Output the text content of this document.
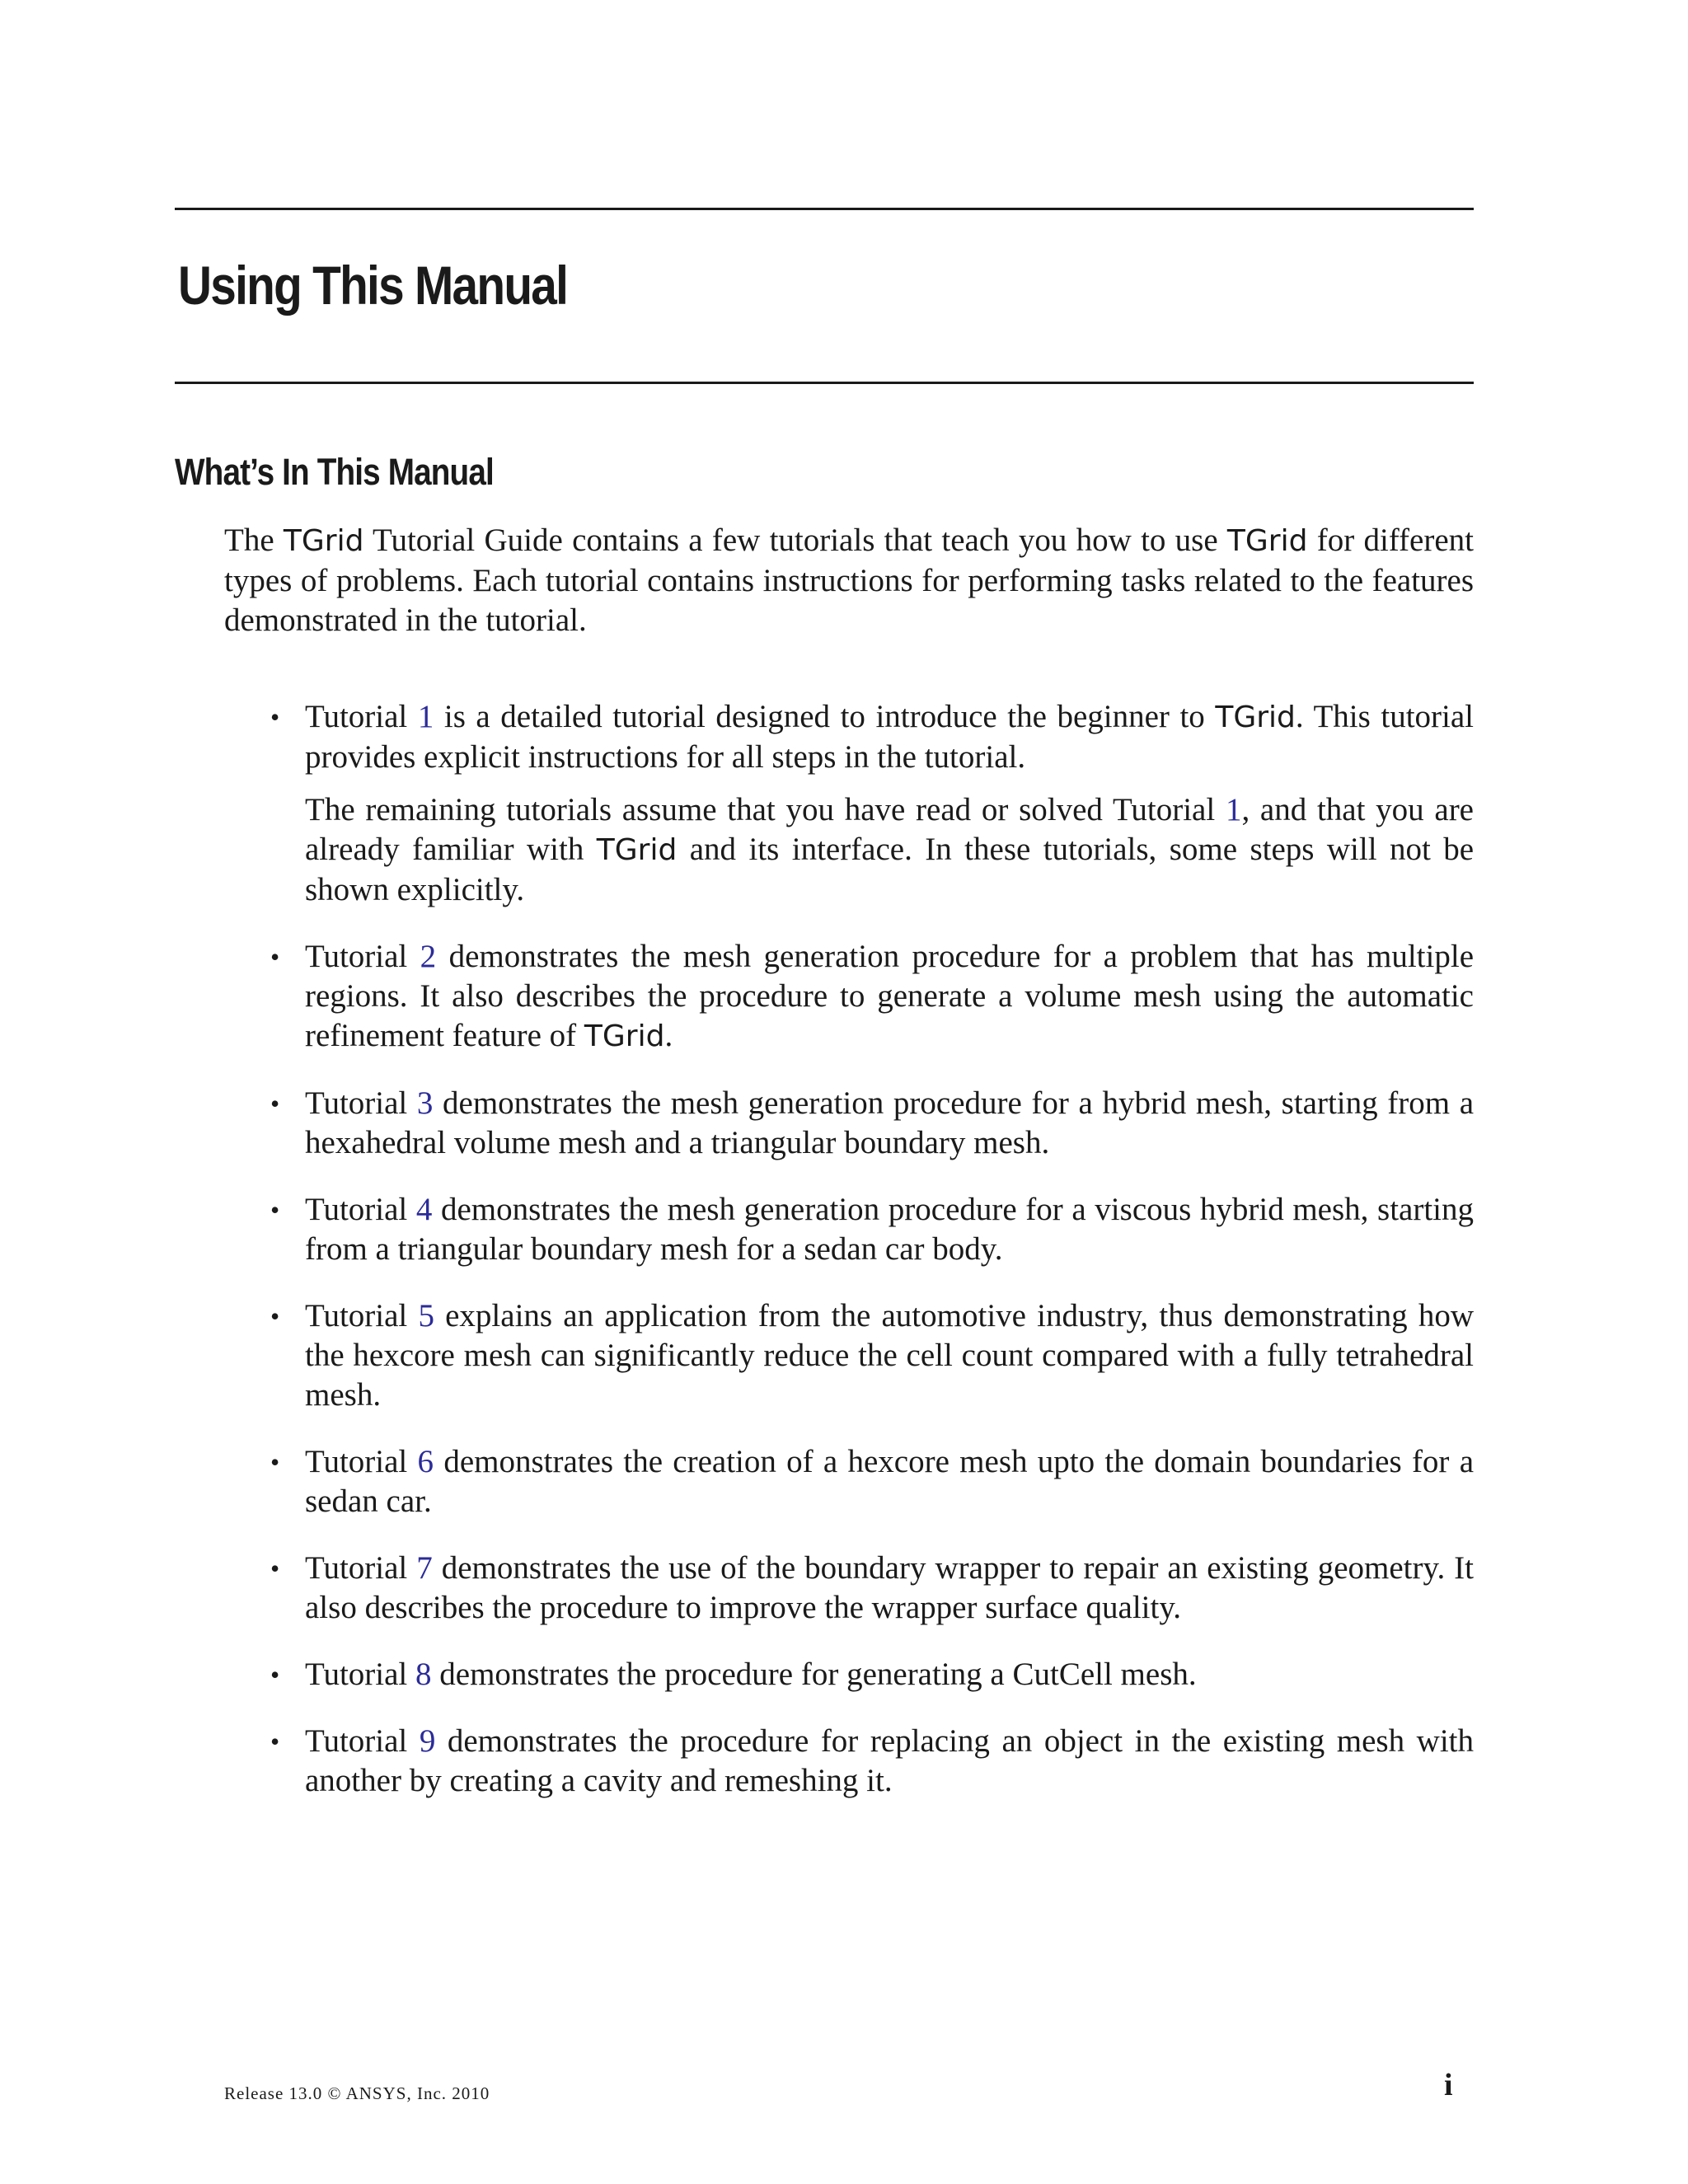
Using This Manual
What’s In This Manual

The TGrid Tutorial Guide contains a few tutorials that teach you how to use TGrid for different types of problems. Each tutorial contains instructions for performing tasks related to the features demonstrated in the tutorial.

• Tutorial 1 is a detailed tutorial designed to introduce the beginner to TGrid. This tutorial provides explicit instructions for all steps in the tutorial.

The remaining tutorials assume that you have read or solved Tutorial 1, and that you are already familiar with TGrid and its interface. In these tutorials, some steps will not be shown explicitly.

• Tutorial 2 demonstrates the mesh generation procedure for a problem that has multiple regions. It also describes the procedure to generate a volume mesh using the automatic refinement feature of TGrid.
• Tutorial 3 demonstrates the mesh generation procedure for a hybrid mesh, starting from a hexahedral volume mesh and a triangular boundary mesh.
• Tutorial 4 demonstrates the mesh generation procedure for a viscous hybrid mesh, starting from a triangular boundary mesh for a sedan car body.
• Tutorial 5 explains an application from the automotive industry, thus demonstrating how the hexcore mesh can significantly reduce the cell count compared with a fully tetrahedral mesh.
• Tutorial 6 demonstrates the creation of a hexcore mesh upto the domain boundaries for a sedan car.
• Tutorial 7 demonstrates the use of the boundary wrapper to repair an existing geometry. It also describes the procedure to improve the wrapper surface quality.
• Tutorial 8 demonstrates the procedure for generating a CutCell mesh.
• Tutorial 9 demonstrates the procedure for replacing an object in the existing mesh with another by creating a cavity and remeshing it.
Release 13.0 © ANSYS, Inc. 2010	i
